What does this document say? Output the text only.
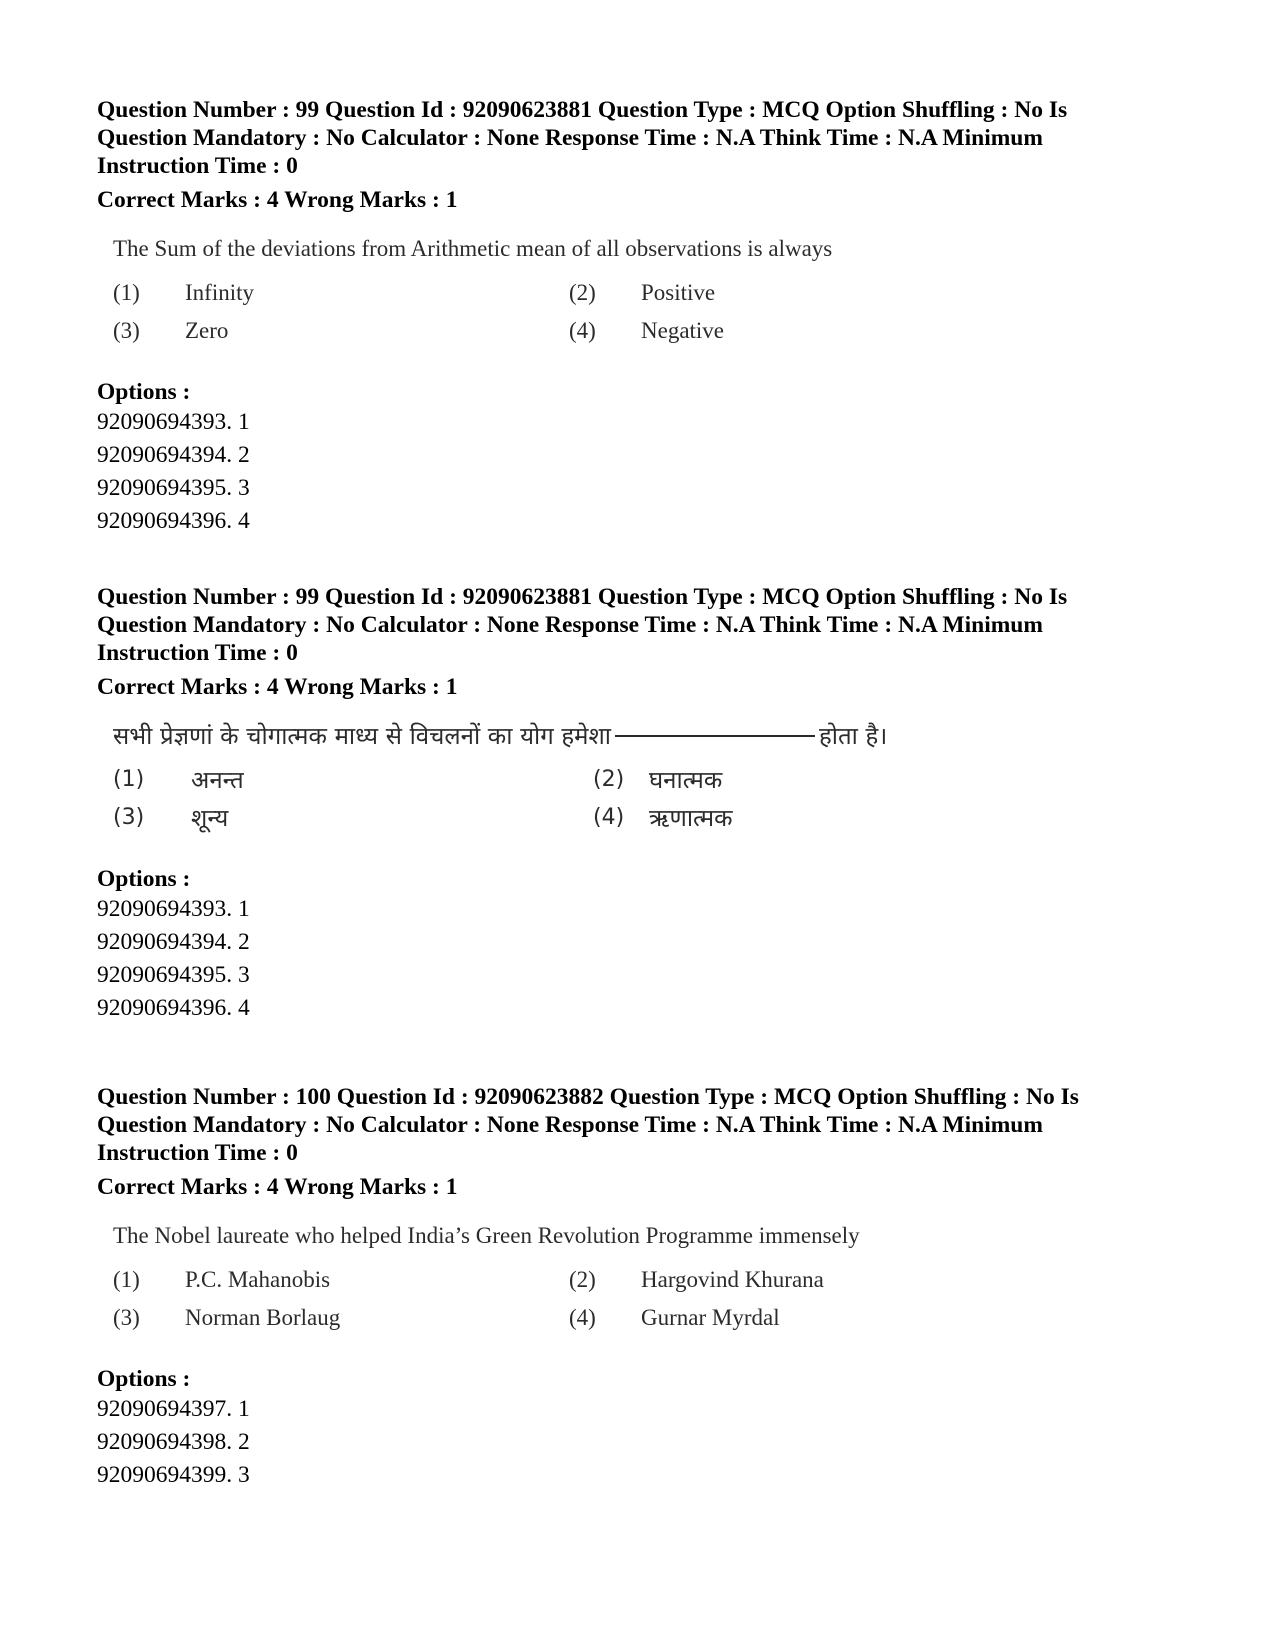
Question Number : 99 Question Id : 92090623881 Question Type : MCQ Option Shuffling : No Is Question Mandatory : No Calculator : None Response Time : N.A Think Time : N.A Minimum Instruction Time : 0
Correct Marks : 4 Wrong Marks : 1
The Sum of the deviations from Arithmetic mean of all observations is always
(1)	Infinity	(2)	Positive
(3)	Zero	(4)	Negative
Options :
92090694393. 1
92090694394. 2
92090694395. 3
92090694396. 4
Question Number : 99 Question Id : 92090623881 Question Type : MCQ Option Shuffling : No Is Question Mandatory : No Calculator : None Response Time : N.A Think Time : N.A Minimum Instruction Time : 0
Correct Marks : 4 Wrong Marks : 1
सभी प्रेज्ञणां के चोगात्मक माध्य से विचलनों का योग हमेशा	होता है।
(1)	अनन्त	(2)	घनात्मक
(3)	शून्य	(4)	ऋणात्मक
Options :
92090694393. 1
92090694394. 2
92090694395. 3
92090694396. 4
Question Number : 100 Question Id : 92090623882 Question Type : MCQ Option Shuffling : No Is Question Mandatory : No Calculator : None Response Time : N.A Think Time : N.A Minimum Instruction Time : 0
Correct Marks : 4 Wrong Marks : 1
The Nobel laureate who helped India’s Green Revolution Programme immensely
(1)	P.C. Mahanobis	(2)	Hargovind Khurana
(3)	Norman Borlaug	(4)	Gurnar Myrdal
Options :
92090694397. 1
92090694398. 2
92090694399. 3
